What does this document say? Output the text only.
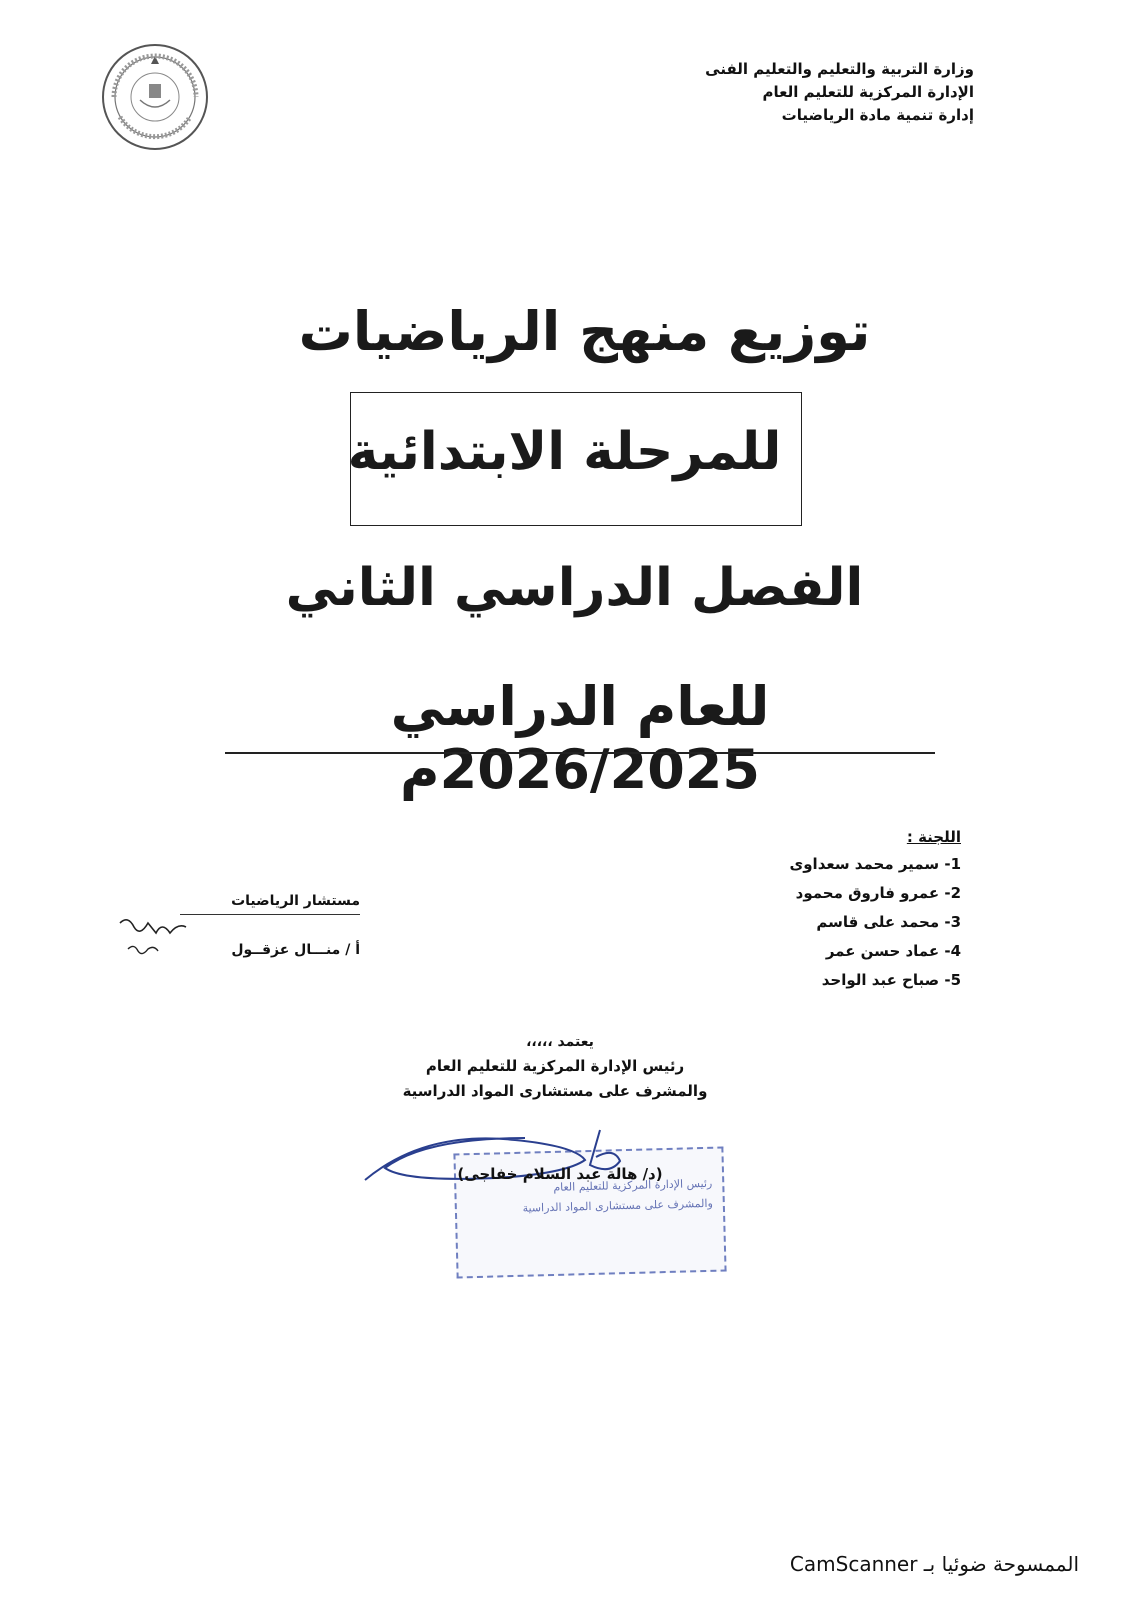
وزارة التربية والتعليم والتعليم الفنى
الإدارة المركزية للتعليم العام
إدارة تنمية مادة الرياضيات
توزيع منهج الرياضيات
للمرحلة الابتدائية
الفصل الدراسي الثاني
للعام الدراسي 2026/2025م
اللجنة :
1- سمير محمد سعداوى
2- عمرو فاروق محمود
3- محمد على قاسم
4- عماد حسن عمر
5- صباح عبد الواحد
مستشار الرياضيات
أ / منـــال عزقــول
يعتمد ،،،،،
رئيس الإدارة المركزية للتعليم العام
والمشرف على مستشارى المواد الدراسية
رئيس الإدارة المركزية للتعليم العام
والمشرف على مستشارى المواد الدراسية
(د/ هالة عبد السلام خفاجى)
الممسوحة ضوئيا بـ CamScanner
